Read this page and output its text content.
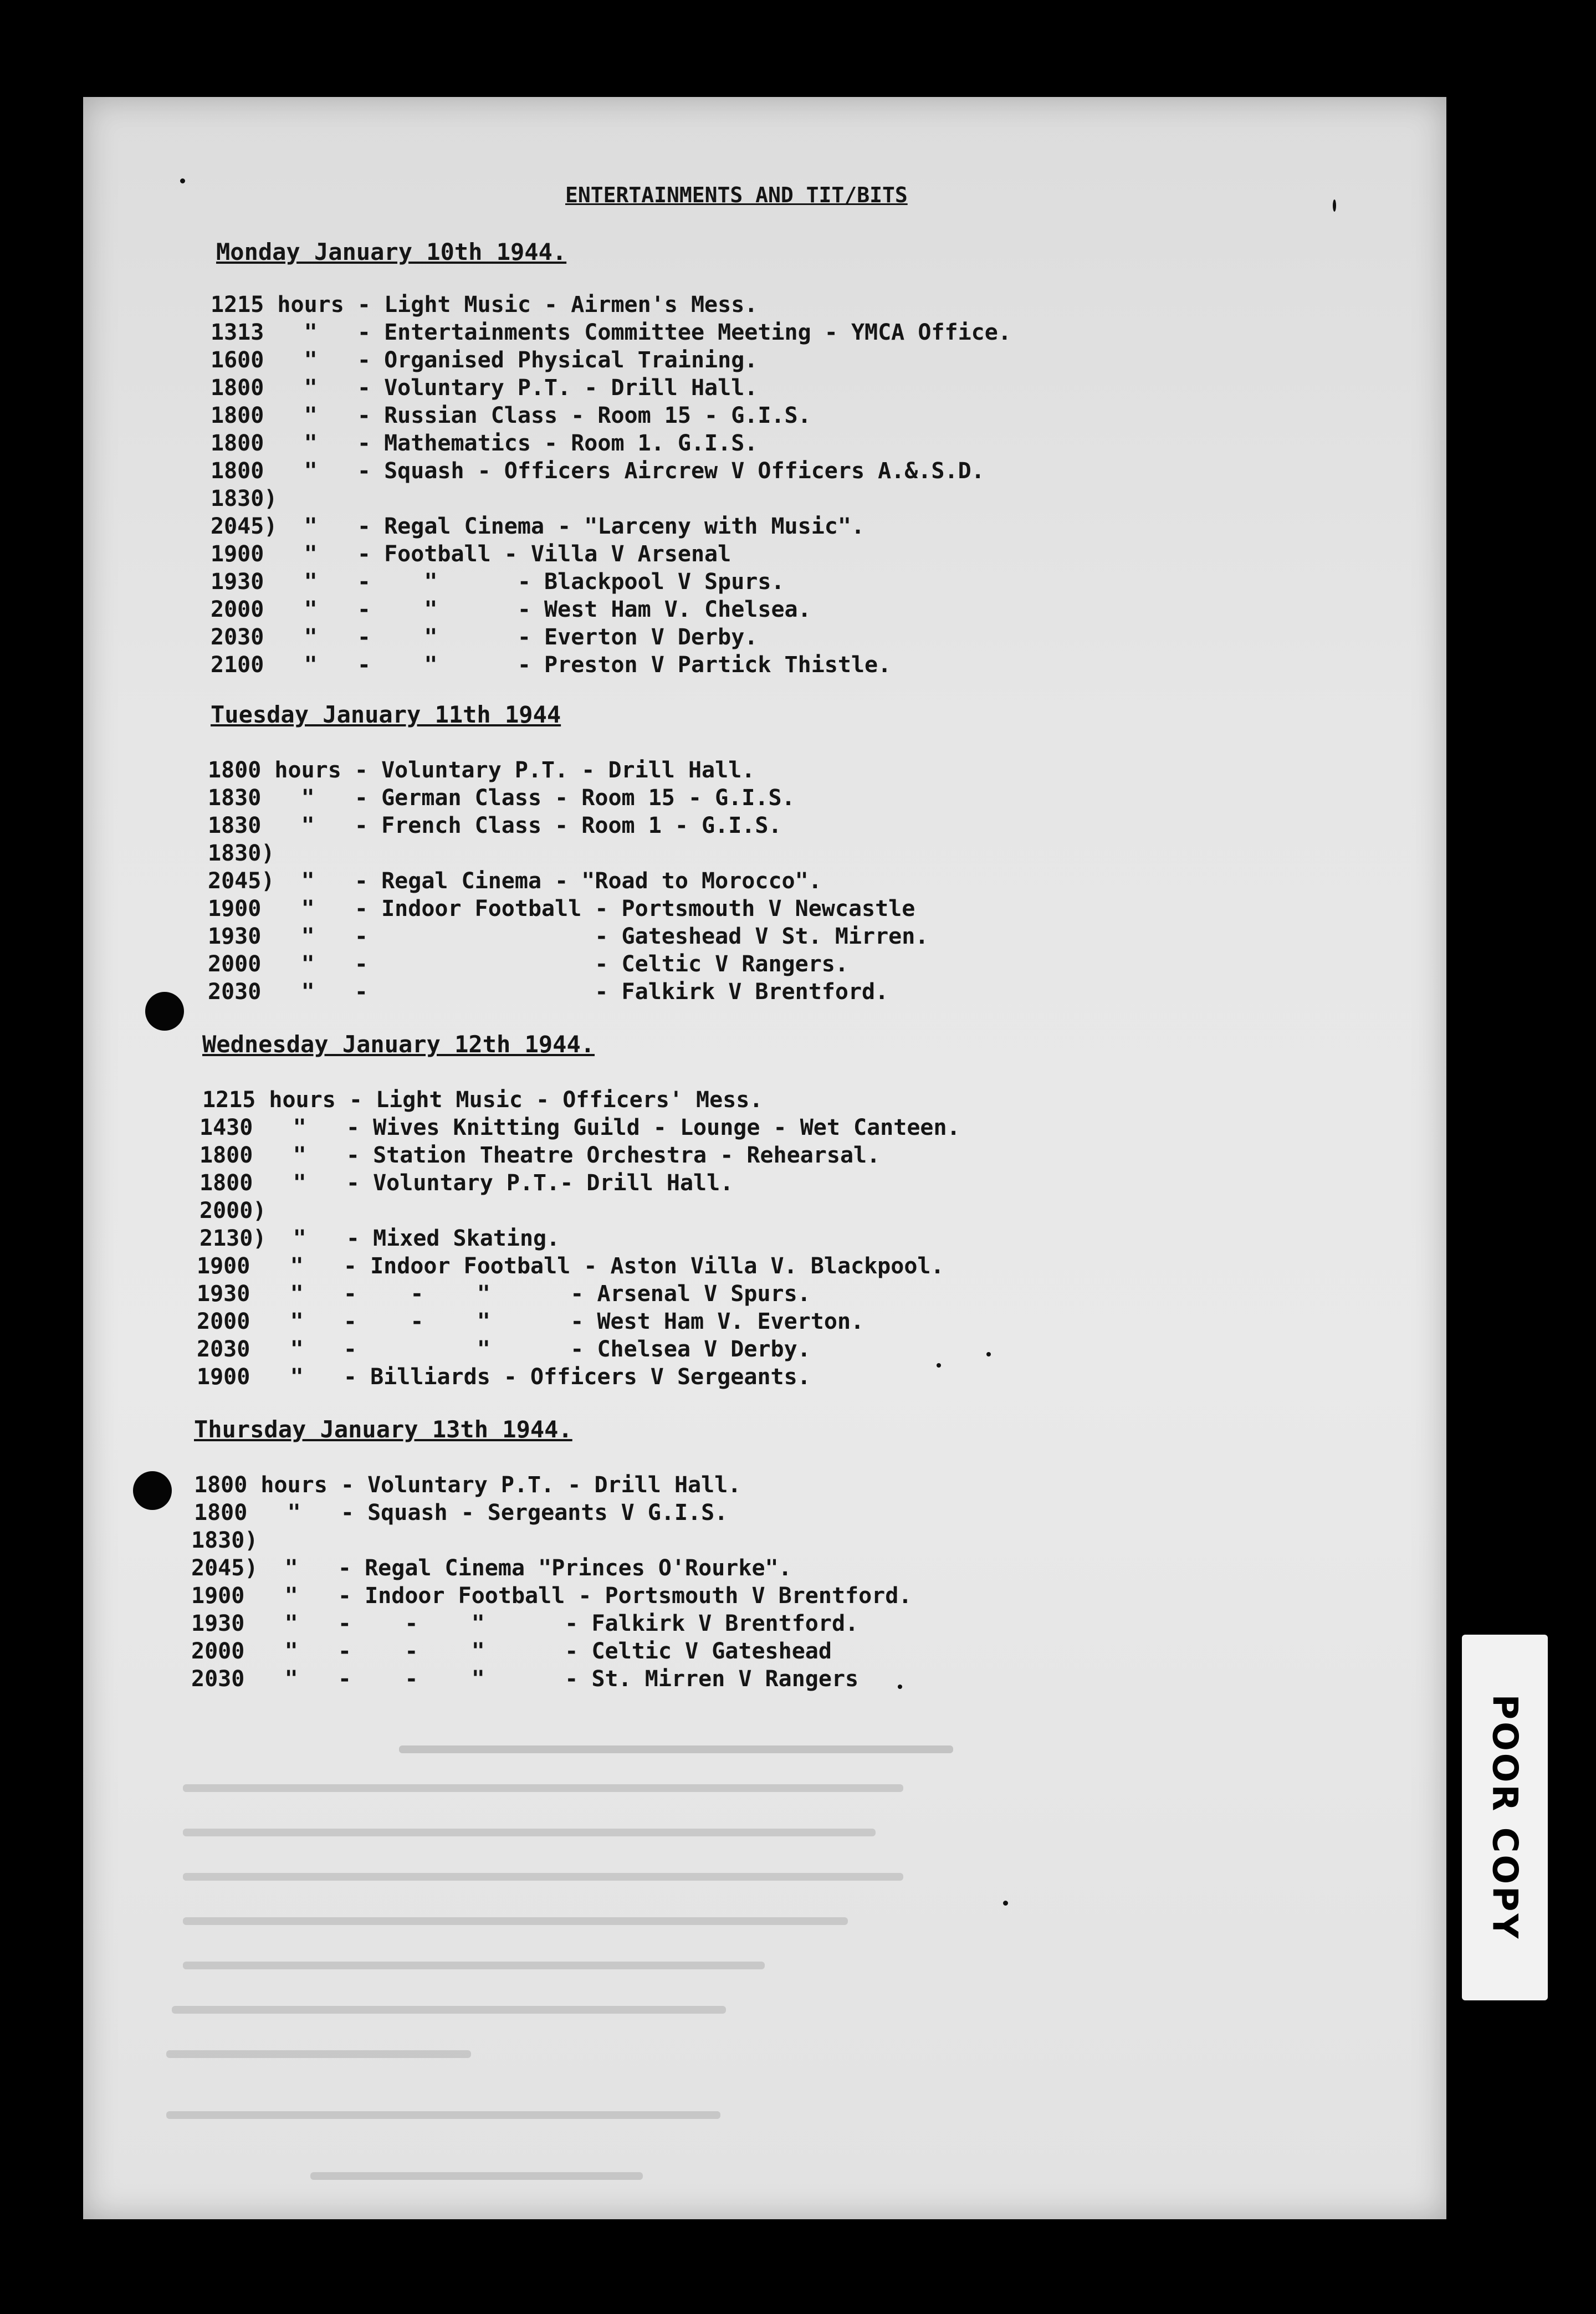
ENTERTAINMENTS AND TIT/BITS
Monday January 10th 1944.
1215 hours - Light Music - Airmen's Mess.
1313   "   - Entertainments Committee Meeting - YMCA Office.
1600   "   - Organised Physical Training.
1800   "   - Voluntary P.T. - Drill Hall.
1800   "   - Russian Class - Room 15 - G.I.S.
1800   "   - Mathematics - Room 1. G.I.S.
1800   "   - Squash - Officers Aircrew V Officers A.&.S.D.
1830)
2045)  "   - Regal Cinema - "Larceny with Music".
1900   "   - Football - Villa V Arsenal
1930   "   -    "      - Blackpool V Spurs.
2000   "   -    "      - West Ham V. Chelsea.
2030   "   -    "      - Everton V Derby.
2100   "   -    "      - Preston V Partick Thistle.
Tuesday January 11th 1944
1800 hours - Voluntary P.T. - Drill Hall.
1830   "   - German Class - Room 15 - G.I.S.
1830   "   - French Class - Room 1 - G.I.S.
1830)
2045)  "   - Regal Cinema - "Road to Morocco".
1900   "   - Indoor Football - Portsmouth V Newcastle
1930   "   -                 - Gateshead V St. Mirren.
2000   "   -                 - Celtic V Rangers.
2030   "   -                 - Falkirk V Brentford.
Wednesday January 12th 1944.
1215 hours - Light Music - Officers' Mess.
1430   "   - Wives Knitting Guild - Lounge - Wet Canteen.
1800   "   - Station Theatre Orchestra - Rehearsal.
1800   "   - Voluntary P.T.- Drill Hall.
2000)
2130)  "   - Mixed Skating.
1900   "   - Indoor Football - Aston Villa V. Blackpool.
1930   "   -    -    "      - Arsenal V Spurs.
2000   "   -    -    "      - West Ham V. Everton.
2030   "   -         "      - Chelsea V Derby.
1900   "   - Billiards - Officers V Sergeants.
Thursday January 13th 1944.
1800 hours - Voluntary P.T. - Drill Hall.
1800   "   - Squash - Sergeants V G.I.S.
1830)
2045)  "   - Regal Cinema "Princes O'Rourke".
1900   "   - Indoor Football - Portsmouth V Brentford.
1930   "   -    -    "      - Falkirk V Brentford.
2000   "   -    -    "      - Celtic V Gateshead
2030   "   -    -    "      - St. Mirren V Rangers
POOR COPY
